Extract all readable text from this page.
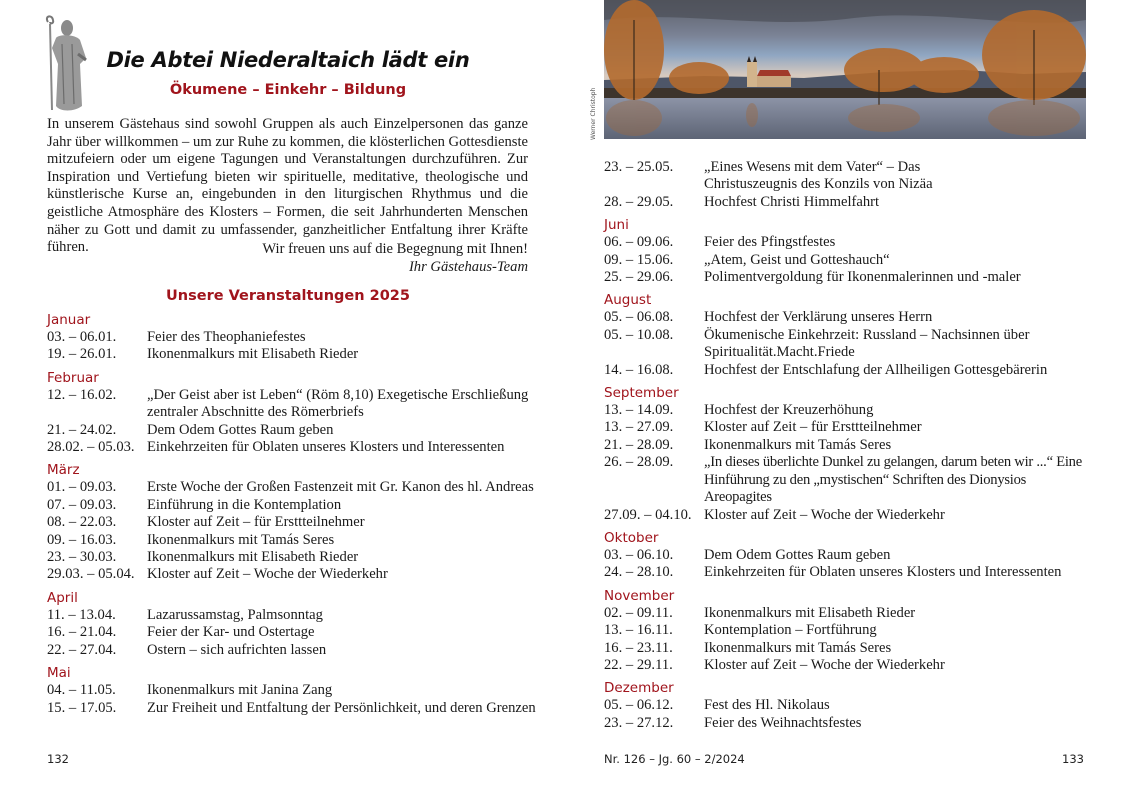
Die Abtei Niederaltaich lädt ein
Ökumene – Einkehr – Bildung

In unserem Gästehaus sind sowohl Gruppen als auch Einzelpersonen das ganze Jahr über willkommen – um zur Ruhe zu kommen, die klösterlichen Gottesdienste mitzufeiern oder um eigene Tagungen und Veranstaltungen durchzuführen. Zur Inspiration und Vertiefung bieten wir spirituelle, meditative, theologische und künstlerische Kurse an, eingebunden in den liturgischen Rhythmus und die geistliche Atmosphäre des Klosters – Formen, die seit Jahrhunderten Menschen näher zu Gott und damit zu umfassender, ganzheitlicher Entfaltung ihrer Kräfte führen.	Wir freuen uns auf die Begegnung mit Ihnen!
Ihr Gästehaus-Team
Unsere Veranstaltungen 2025
Januar
03. – 06.01.	Feier des Theophaniefestes
19. – 26.01.	Ikonenmalkurs mit Elisabeth Rieder
Februar
12. – 16.02.	„Der Geist aber ist Leben“ (Röm 8,10) Exegetische Erschließung zentraler Abschnitte des Römerbriefs
21. – 24.02.	Dem Odem Gottes Raum geben
28.02. – 05.03. Einkehrzeiten für Oblaten unseres Klosters und Interessenten
März
01. – 09.03.	Erste Woche der Großen Fastenzeit mit Gr. Kanon des hl. Andreas
07. – 09.03.	Einführung in die Kontemplation
08. – 22.03.	Kloster auf Zeit – für Ersttteilnehmer
09. – 16.03.	Ikonenmalkurs mit Tamás Seres
23. – 30.03.	Ikonenmalkurs mit Elisabeth Rieder
29.03. – 05.04. Kloster auf Zeit – Woche der Wiederkehr
April
11. – 13.04.	Lazarussamstag, Palmsonntag
16. – 21.04.	Feier der Kar- und Ostertage
22. – 27.04.	Ostern – sich aufrichten lassen
Mai
04. – 11.05.	Ikonenmalkurs mit Janina Zang
15. – 17.05.	Zur Freiheit und Entfaltung der Persönlichkeit, und deren Grenzen
132
Werner Christoph
23. – 25.05.	„Eines Wesens mit dem Vater“ – Das Christuszeugnis des Konzils von Nizäa
28. – 29.05.	Hochfest Christi Himmelfahrt
Juni
06. – 09.06.	Feier des Pfingstfestes
09. – 15.06.	„Atem, Geist und Gotteshauch“
25. – 29.06.	Polimentvergoldung für Ikonenmalerinnen und -maler
August
05. – 06.08.	Hochfest der Verklärung unseres Herrn
05. – 10.08.	Ökumenische Einkehrzeit: Russland – Nachsinnen über Spiritualität.Macht.Friede
14. – 16.08.	Hochfest der Entschlafung der Allheiligen Gottesgebärerin
September
13. – 14.09.	Hochfest der Kreuzerhöhung
13. – 27.09.	Kloster auf Zeit – für Ersttteilnehmer
21. – 28.09.	Ikonenmalkurs mit Tamás Seres
26. – 28.09.	„In dieses überlichte Dunkel zu gelangen, darum beten wir ...“ Eine Hinführung zu den „mystischen“ Schriften des Dionysios Areopagites
27.09. – 04.10. Kloster auf Zeit – Woche der Wiederkehr
Oktober
03. – 06.10.	Dem Odem Gottes Raum geben
24. – 28.10.	Einkehrzeiten für Oblaten unseres Klosters und Interessenten
November
02. – 09.11.	Ikonenmalkurs mit Elisabeth Rieder
13. – 16.11.	Kontemplation – Fortführung
16. – 23.11.	Ikonenmalkurs mit Tamás Seres
22. – 29.11.	Kloster auf Zeit – Woche der Wiederkehr
Dezember
05. – 06.12.	Fest des Hl. Nikolaus
23. – 27.12.	Feier des Weihnachtsfestes
Nr. 126 – Jg. 60 – 2/2024	133
